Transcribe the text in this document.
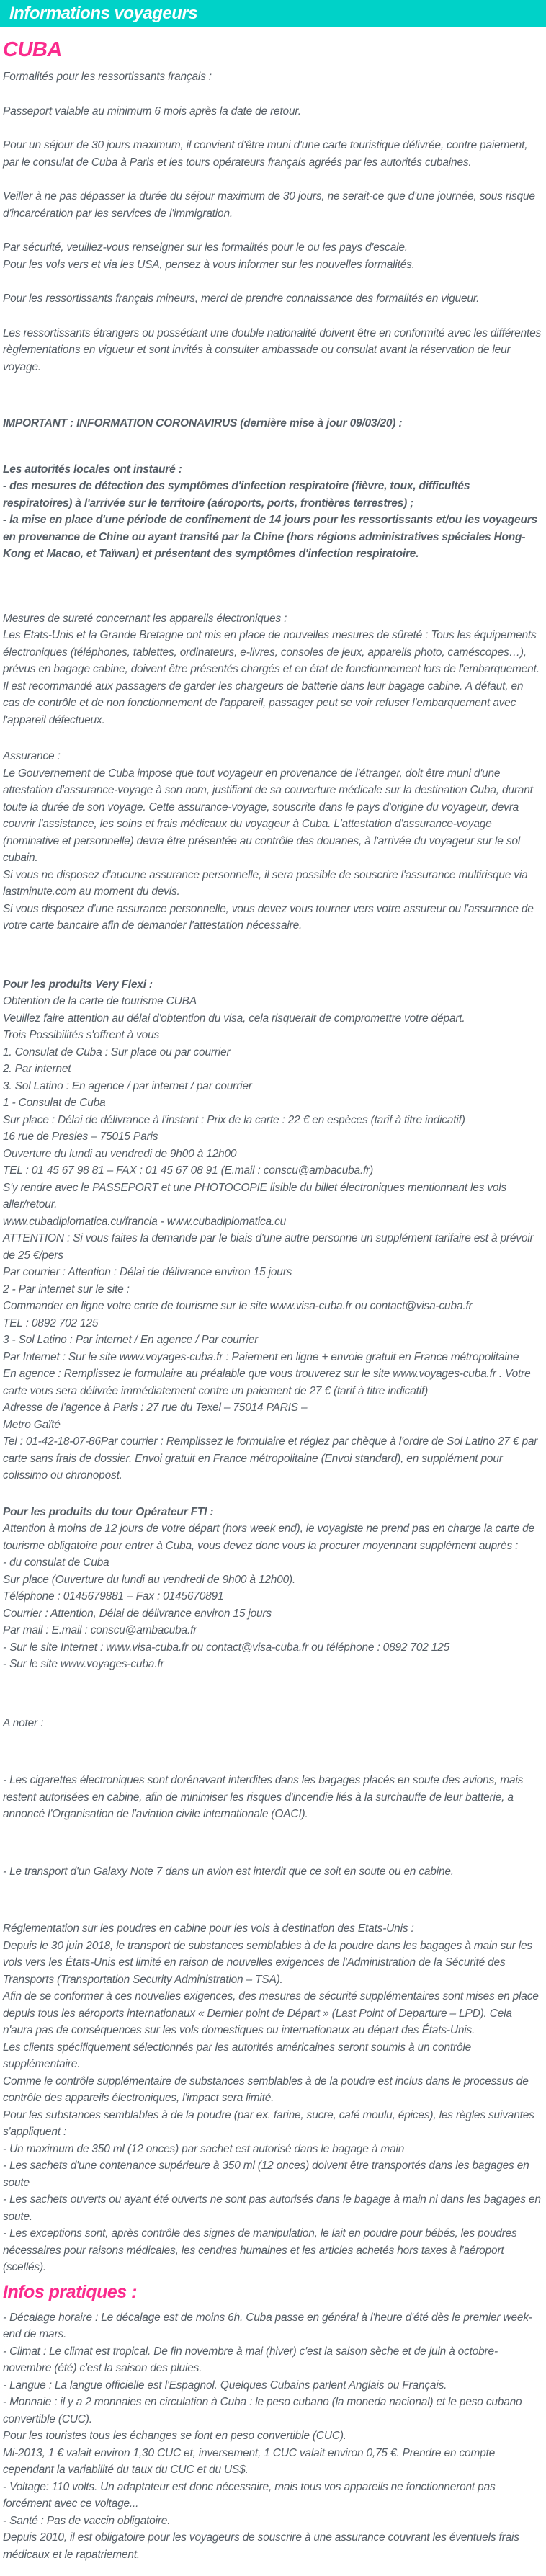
Informations voyageurs

CUBA

Formalités pour les ressortissants français :

Passeport valable au minimum 6 mois après la date de retour.

Pour un séjour de 30 jours maximum, il convient d'être muni d'une carte touristique délivrée, contre paiement, par le consulat de Cuba à Paris et les tours opérateurs français agréés par les autorités cubaines.

Veiller à ne pas dépasser la durée du séjour maximum de 30 jours, ne serait-ce que d'une journée, sous risque d'incarcération par les services de l'immigration.

Par sécurité, veuillez-vous renseigner sur les formalités pour le ou les pays d'escale.

Pour les vols vers et via les USA, pensez à vous informer sur les nouvelles formalités.

Pour les ressortissants français mineurs, merci de prendre connaissance des formalités en vigueur.

Les ressortissants étrangers ou possédant une double nationalité doivent être en conformité avec les différentes règlementations en vigueur et sont invités à consulter ambassade ou consulat avant la réservation de leur voyage.

IMPORTANT : INFORMATION CORONAVIRUS (dernière mise à jour 09/03/20) :

Les autorités locales ont instauré :

- des mesures de détection des symptômes d'infection respiratoire (fièvre, toux, difficultés respiratoires) à l'arrivée sur le territoire (aéroports, ports, frontières terrestres) ;

- la mise en place d'une période de confinement de 14 jours pour les ressortissants et/ou les voyageurs en provenance de Chine ou ayant transité par la Chine (hors régions administratives spéciales Hong-Kong et Macao, et Taïwan) et présentant des symptômes d'infection respiratoire.

Mesures de sureté concernant les appareils électroniques :

Les Etats-Unis et la Grande Bretagne ont mis en place de nouvelles mesures de sûreté : Tous les équipements électroniques (téléphones, tablettes, ordinateurs, e-livres, consoles de jeux, appareils photo, caméscopes…), prévus en bagage cabine, doivent être présentés chargés et en état de fonctionnement lors de l'embarquement.

Il est recommandé aux passagers de garder les chargeurs de batterie dans leur bagage cabine. A défaut, en cas de contrôle et de non fonctionnement de l'appareil, passager peut se voir refuser l'embarquement avec l'appareil défectueux.

Assurance :

Le Gouvernement de Cuba impose que tout voyageur en provenance de l'étranger, doit être muni d'une attestation d'assurance-voyage à son nom, justifiant de sa couverture médicale sur la destination Cuba, durant toute la durée de son voyage. Cette assurance-voyage, souscrite dans le pays d'origine du voyageur, devra couvrir l'assistance, les soins et frais médicaux du voyageur à Cuba. L'attestation d'assurance-voyage (nominative et personnelle) devra être présentée au contrôle des douanes, à l'arrivée du voyageur sur le sol cubain.

Si vous ne disposez d'aucune assurance personnelle, il sera possible de souscrire l'assurance multirisque via lastminute.com au moment du devis.

Si vous disposez d'une assurance personnelle, vous devez vous tourner vers votre assureur ou l'assurance de votre carte bancaire afin de demander l'attestation nécessaire.

Pour les produits Very Flexi :

Obtention de la carte de tourisme CUBA

Veuillez faire attention au délai d'obtention du visa, cela risquerait de compromettre votre départ.

Trois Possibilités s'offrent à vous

1. Consulat de Cuba : Sur place ou par courrier

2. Par internet

3. Sol Latino : En agence / par internet / par courrier

1 - Consulat de Cuba

Sur place : Délai de délivrance à l'instant : Prix de la carte : 22 € en espèces (tarif à titre indicatif)

16 rue de Presles – 75015 Paris

Ouverture du lundi au vendredi de 9h00 à 12h00

TEL : 01 45 67 98 81 – FAX : 01 45 67 08 91 (E.mail : conscu@ambacuba.fr)

S'y rendre avec le PASSEPORT et une PHOTOCOPIE lisible du billet électroniques mentionnant les vols aller/retour.

www.cubadiplomatica.cu/francia - www.cubadiplomatica.cu

ATTENTION : Si vous faites la demande par le biais d'une autre personne un supplément tarifaire est à prévoir de 25 €/pers

Par courrier : Attention : Délai de délivrance environ 15 jours

2 - Par internet sur le site :

Commander en ligne votre carte de tourisme sur le site www.visa-cuba.fr ou contact@visa-cuba.fr

TEL : 0892 702 125

3 - Sol Latino : Par internet / En agence / Par courrier

Par Internet : Sur le site www.voyages-cuba.fr : Paiement en ligne + envoie gratuit en France métropolitaine

En agence : Remplissez le formulaire au préalable que vous trouverez sur le site www.voyages-cuba.fr . Votre carte vous sera délivrée immédiatement contre un paiement de 27 € (tarif à titre indicatif)

Adresse de l'agence à Paris : 27 rue du Texel – 75014 PARIS –

Metro Gaïté

Tel : 01-42-18-07-86Par courrier : Remplissez le formulaire et réglez par chèque à l'ordre de Sol Latino 27 € par carte sans frais de dossier. Envoi gratuit en France métropolitaine (Envoi standard), en supplément pour colissimo ou chronopost.

Pour les produits du tour Opérateur FTI :

Attention à moins de 12 jours de votre départ (hors week end), le voyagiste ne prend pas en charge la carte de tourisme obligatoire pour entrer à Cuba, vous devez donc vous la procurer moyennant supplément auprès :

- du consulat de Cuba

Sur place (Ouverture du lundi au vendredi de 9h00 à 12h00).

Téléphone : 0145679881 – Fax : 0145670891

Courrier : Attention, Délai de délivrance environ 15 jours

Par mail : E.mail : conscu@ambacuba.fr

- Sur le site Internet : www.visa-cuba.fr ou contact@visa-cuba.fr ou téléphone : 0892 702 125

- Sur le site www.voyages-cuba.fr

A noter :

- Les cigarettes électroniques sont dorénavant interdites dans les bagages placés en soute des avions, mais restent autorisées en cabine, afin de minimiser les risques d'incendie liés à la surchauffe de leur batterie, a annoncé l'Organisation de l'aviation civile internationale (OACI).

- Le transport d'un Galaxy Note 7 dans un avion est interdit que ce soit en soute ou en cabine.

Réglementation sur les poudres en cabine pour les vols à destination des Etats-Unis :

Depuis le 30 juin 2018, le transport de substances semblables à de la poudre dans les bagages à main sur les vols vers les États-Unis est limité en raison de nouvelles exigences de l'Administration de la Sécurité des Transports (Transportation Security Administration – TSA).

Afin de se conformer à ces nouvelles exigences, des mesures de sécurité supplémentaires sont mises en place depuis tous les aéroports internationaux « Dernier point de Départ » (Last Point of Departure – LPD). Cela n'aura pas de conséquences sur les vols domestiques ou internationaux au départ des États-Unis.

Les clients spécifiquement sélectionnés par les autorités américaines seront soumis à un contrôle supplémentaire.

Comme le contrôle supplémentaire de substances semblables à de la poudre est inclus dans le processus de contrôle des appareils électroniques, l'impact sera limité.

Pour les substances semblables à de la poudre (par ex. farine, sucre, café moulu, épices), les règles suivantes s'appliquent :

- Un maximum de 350 ml (12 onces) par sachet est autorisé dans le bagage à main

- Les sachets d'une contenance supérieure à 350 ml (12 onces) doivent être transportés dans les bagages en soute

- Les sachets ouverts ou ayant été ouverts ne sont pas autorisés dans le bagage à main ni dans les bagages en soute.

- Les exceptions sont, après contrôle des signes de manipulation, le lait en poudre pour bébés, les poudres nécessaires pour raisons médicales, les cendres humaines et les articles achetés hors taxes à l'aéroport (scellés).

Infos pratiques :

- Décalage horaire : Le décalage est de moins 6h. Cuba passe en général à l'heure d'été dès le premier week-end de mars.

- Climat : Le climat est tropical. De fin novembre à mai (hiver) c'est la saison sèche et de juin à octobre-novembre (été) c'est la saison des pluies.

- Langue : La langue officielle est l'Espagnol. Quelques Cubains parlent Anglais ou Français.

- Monnaie : il y a 2 monnaies en circulation à Cuba : le peso cubano (la moneda nacional) et le peso cubano convertible (CUC).

Pour les touristes tous les échanges se font en peso convertible (CUC).

Mi-2013, 1 € valait environ 1,30 CUC et, inversement, 1 CUC valait environ 0,75 €. Prendre en compte cependant la variabilité du taux du CUC et du US$.

- Voltage: 110 volts. Un adaptateur est donc nécessaire, mais tous vos appareils ne fonctionneront pas forcément avec ce voltage...

- Santé : Pas de vaccin obligatoire.

Depuis 2010, il est obligatoire pour les voyageurs de souscrire à une assurance couvrant les éventuels frais médicaux et le rapatriement.
